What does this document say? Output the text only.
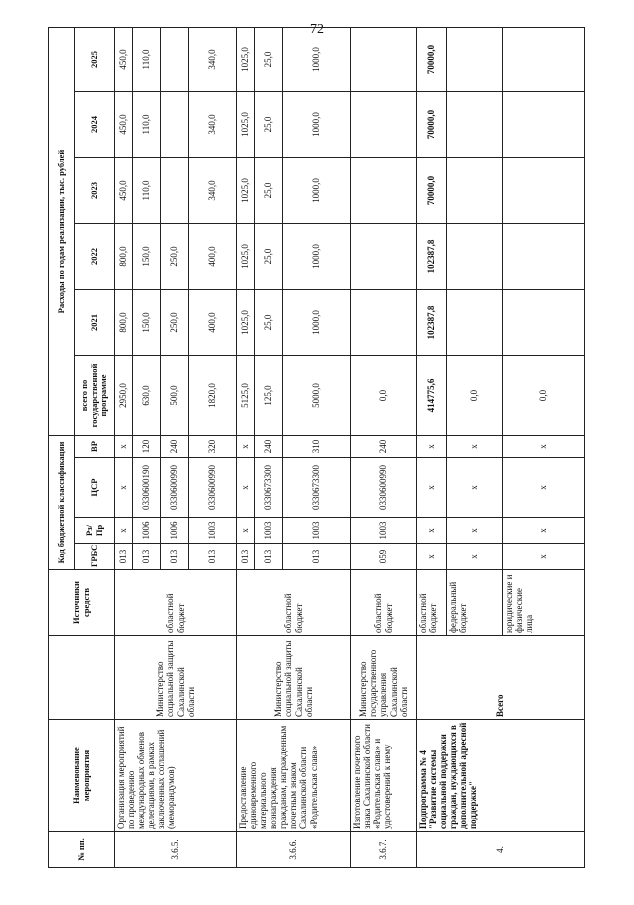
72
№ пп.	Наименование мероприятия		Источники средств	Код бюджетной классификации				Расходы по годам реализации, тыс. рублей					
				ГРБС	Рз/ Пр	ЦСР	ВР	всего по государственной программе	2021	2022	2023	2024	2025
3.6.5.	Организация мероприятий по проведению международных обменов делегациями, в рамках заключенных соглашений (меморандумов)	Министерство социальной защиты Сахалинской области	областной бюджет	013	х	х	х	2950,0	800,0	800,0	450,0	450,0	450,0
				013	1006	0330600190	120	630,0	150,0	150,0	110,0	110,0	110,0
				013	1006	0330600990	240	500,0	250,0	250,0			
				013	1003	0330600990	320	1820,0	400,0	400,0	340,0	340,0	340,0
3.6.6.	Предоставление единовременного материального вознаграждения гражданам, награжденным почетным знаком Сахалинской области «Родительская слава»	Министерство социальной защиты Сахалинской области	областной бюджет	013	х	х	х	5125,0	1025,0	1025,0	1025,0	1025,0	1025,0
				013	1003	0330673300	240	125,0	25,0	25,0	25,0	25,0	25,0
				013	1003	0330673300	310	5000,0	1000,0	1000,0	1000,0	1000,0	1000,0
3.6.7.	Изготовление почетного знака Сахалинской области «Родительская слава» и удостоверений к нему	Министерство государственного управления Сахалинской области	областной бюджет	059	1003	0330600990	240	0,0					
4.	Подпрограмма № 4 "Развитие системы социальной поддержки граждан, нуждающихся в дополнительной адресной поддержке"	Всего	областной бюджет	х	х	х	х	414775,6	102387,8	102387,8	70000,0	70000,0	70000,0
			федеральный бюджет	х	х	х	х	0,0					
			юридические и физические лица	х	х	х	х	0,0					
